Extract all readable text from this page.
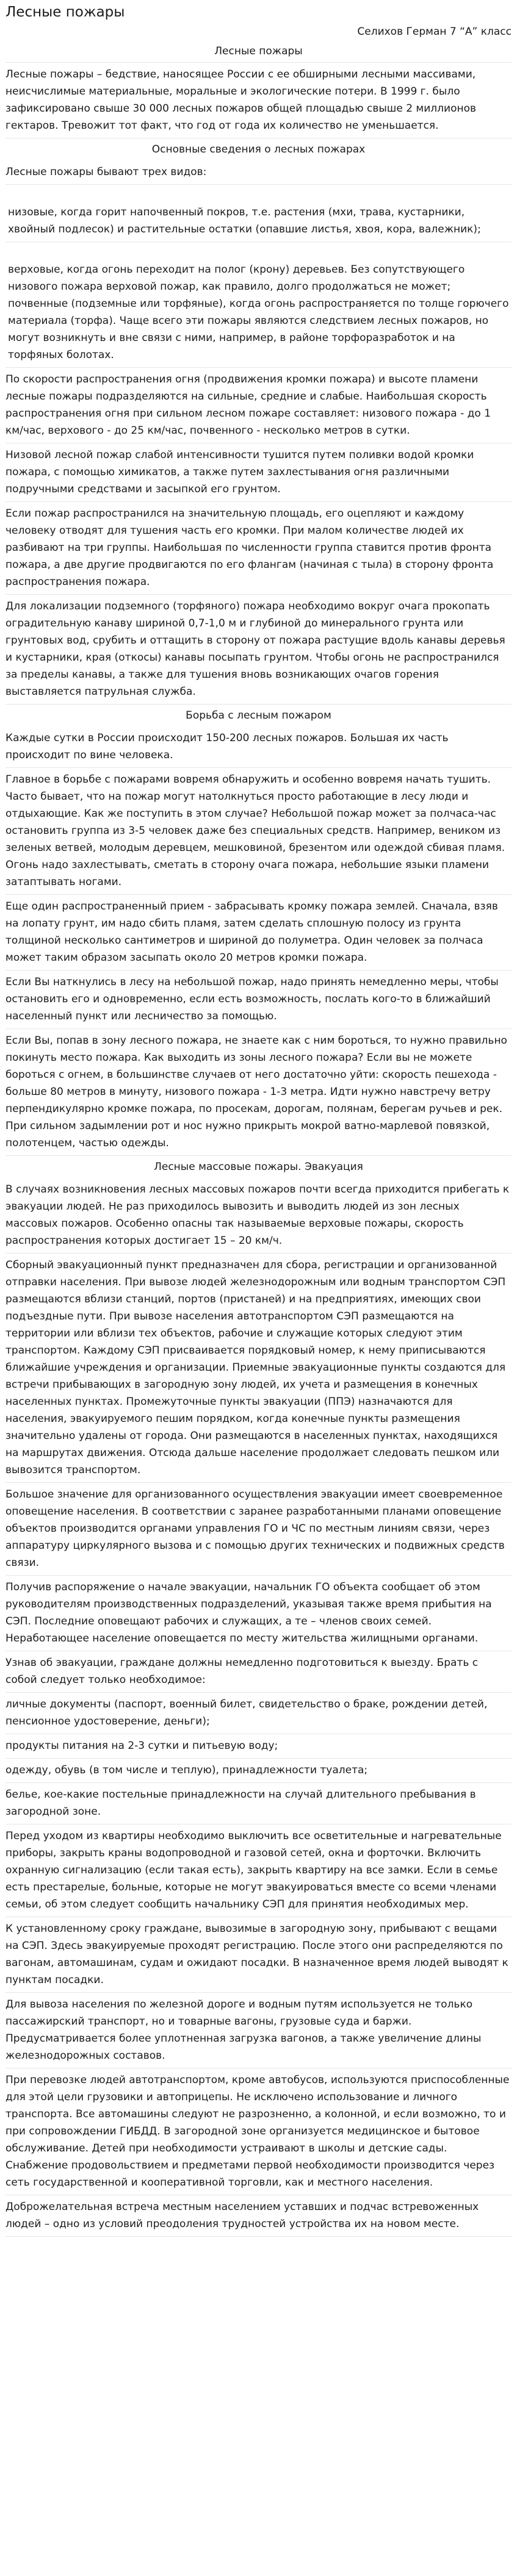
Лесные пожары
Селихов Герман 7 “А” класс
Лесные пожары

Лесные пожары – бедствие, наносящее России с ее обширными лесными массивами, неисчислимые материальные, моральные и экологические потери. В 1999 г. было зафиксировано свыше 30 000 лесных пожаров общей площадью свыше 2 миллионов гектаров. Тревожит тот факт, что год от года их количество не уменьшается.

Основные сведения о лесных пожарах

Лесные пожары бывают трех видов:

низовые, когда горит напочвенный покров, т.е. растения (мхи, трава, кустарники, хвойный подлесок) и растительные остатки (опавшие листья, хвоя, кора, валежник);

верховые, когда огонь переходит на полог (крону) деревьев. Без сопутствующего низового пожара верховой пожар, как правило, долго продолжаться не может; почвенные (подземные или торфяные), когда огонь распространяется по толще горючего материала (торфа). Чаще всего эти пожары являются следствием лесных пожаров, но могут возникнуть и вне связи с ними, например, в районе торфоразработок и на торфяных болотах.

По скорости распространения огня (продвижения кромки пожара) и высоте пламени лесные пожары подразделяются на сильные, средние и слабые. Наибольшая скорость распространения огня при сильном лесном пожаре составляет: низового пожара - до 1 км/час, верхового - до 25 км/час, почвенного - несколько метров в сутки.

Низовой лесной пожар слабой интенсивности тушится путем поливки водой кромки пожара, с помощью химикатов, а также путем захлестывания огня различными подручными средствами и засыпкой его грунтом.

Если пожар распространился на значительную площадь, его оцепляют и каждому человеку отводят для тушения часть его кромки. При малом количестве людей их разбивают на три группы. Наибольшая по численности группа ставится против фронта пожара, а две другие продвигаются по его флангам (начиная с тыла) в сторону фронта распространения пожара.

Для локализации подземного (торфяного) пожара необходимо вокруг очага прокопать оградительную канаву шириной 0,7-1,0 м и глубиной до минерального грунта или грунтовых вод, срубить и оттащить в сторону от пожара растущие вдоль канавы деревья и кустарники, края (откосы) канавы посыпать грунтом. Чтобы огонь не распространился за пределы канавы, а также для тушения вновь возникающих очагов горения выставляется патрульная служба.

Борьба с лесным пожаром

Каждые сутки в России происходит 150-200 лесных пожаров. Большая их часть происходит по вине человека.

Главное в борьбе с пожарами вовремя обнаружить и особенно вовремя начать тушить. Часто бывает, что на пожар могут натолкнуться просто работающие в лесу люди и отдыхающие. Как же поступить в этом случае? Небольшой пожар может за полчаса-час остановить группа из 3-5 человек даже без специальных средств. Например, веником из зеленых ветвей, молодым деревцем, мешковиной, брезентом или одеждой сбивая пламя. Огонь надо захлестывать, сметать в сторону очага пожара, небольшие языки пламени затаптывать ногами.

Еще один распространенный прием - забрасывать кромку пожара землей. Сначала, взяв на лопату грунт, им надо сбить пламя, затем сделать сплошную полосу из грунта толщиной несколько сантиметров и шириной до полуметра. Один человек за полчаса может таким образом засыпать около 20 метров кромки пожара.

Если Вы наткнулись в лесу на небольшой пожар, надо принять немедленно меры, чтобы остановить его и одновременно, если есть возможность, послать кого-то в ближайший населенный пункт или лесничество за помощью.

Если Вы, попав в зону лесного пожара, не знаете как с ним бороться, то нужно правильно покинуть место пожара. Как выходить из зоны лесного пожара? Если вы не можете бороться с огнем, в большинстве случаев от него достаточно уйти: скорость пешехода - больше 80 метров в минуту, низового пожара - 1-3 метра. Идти нужно навстречу ветру перпендикулярно кромке пожара, по просекам, дорогам, полянам, берегам ручьев и рек. При сильном задымлении рот и нос нужно прикрыть мокрой ватно-марлевой повязкой, полотенцем, частью одежды.

Лесные массовые пожары. Эвакуация

В случаях возникновения лесных массовых пожаров почти всегда приходится прибегать к эвакуации людей. Не раз приходилось вывозить и выводить людей из зон лесных массовых пожаров. Особенно опасны так называемые верховые пожары, скорость распространения которых достигает 15 – 20 км/ч.

Сборный эвакуационный пункт предназначен для сбора, регистрации и организованной отправки населения. При вывозе людей железнодорожным или водным транспортом СЭП размещаются вблизи станций, портов (пристаней) и на предприятиях, имеющих свои подъездные пути. При вывозе населения автотранспортом СЭП размещаются на территории или вблизи тех объектов, рабочие и служащие которых следуют этим транспортом. Каждому СЭП присваивается порядковый номер, к нему приписываются ближайшие учреждения и организации. Приемные эвакуационные пункты создаются для встречи прибывающих в загородную зону людей, их учета и размещения в конечных населенных пунктах. Промежуточные пункты эвакуации (ППЭ) назначаются для населения, эвакуируемого пешим порядком, когда конечные пункты размещения значительно удалены от города. Они размещаются в населенных пунктах, находящихся на маршрутах движения. Отсюда дальше население продолжает следовать пешком или вывозится транспортом.

Большое значение для организованного осуществления эвакуации имеет своевременное оповещение населения. В соответствии с заранее разработанными планами оповещение объектов производится органами управления ГО и ЧС по местным линиям связи, через аппаратуру циркулярного вызова и с помощью других технических и подвижных средств связи.

Получив распоряжение о начале эвакуации, начальник ГО объекта сообщает об этом руководителям производственных подразделений, указывая также время прибытия на СЭП. Последние оповещают рабочих и служащих, а те – членов своих семей. Неработающее население оповещается по месту жительства жилищными органами.

Узнав об эвакуации, граждане должны немедленно подготовиться к выезду. Брать с собой следует только необходимое:

личные документы (паспорт, военный билет, свидетельство о браке, рождении детей, пенсионное удостоверение, деньги);

продукты питания на 2-3 сутки и питьевую воду;

одежду, обувь (в том числе и теплую), принадлежности туалета;

белье, кое-какие постельные принадлежности на случай длительного пребывания в загородной зоне.

Перед уходом из квартиры необходимо выключить все осветительные и нагревательные приборы, закрыть краны водопроводной и газовой сетей, окна и форточки. Включить охранную сигнализацию (если такая есть), закрыть квартиру на все замки. Если в семье есть престарелые, больные, которые не могут эвакуироваться вместе со всеми членами семьи, об этом следует сообщить начальнику СЭП для принятия необходимых мер.

К установленному сроку граждане, вывозимые в загородную зону, прибывают с вещами на СЭП. Здесь эвакуируемые проходят регистрацию. После этого они распределяются по вагонам, автомашинам, судам и ожидают посадки. В назначенное время людей выводят к пунктам посадки.

Для вывоза населения по железной дороге и водным путям используется не только пассажирский транспорт, но и товарные вагоны, грузовые суда и баржи. Предусматривается более уплотненная загрузка вагонов, а также увеличение длины железнодорожных составов.

При перевозке людей автотранспортом, кроме автобусов, используются приспособленные для этой цели грузовики и автоприцепы. Не исключено использование и личного транспорта. Все автомашины следуют не разрозненно, а колонной, и если возможно, то и при сопровождении ГИБДД. В загородной зоне организуется медицинское и бытовое обслуживание. Детей при необходимости устраивают в школы и детские сады. Снабжение продовольствием и предметами первой необходимости производится через сеть государственной и кооперативной торговли, как и местного населения.

Доброжелательная встреча местным населением уставших и подчас встревоженных людей – одно из условий преодоления трудностей устройства их на новом месте.
